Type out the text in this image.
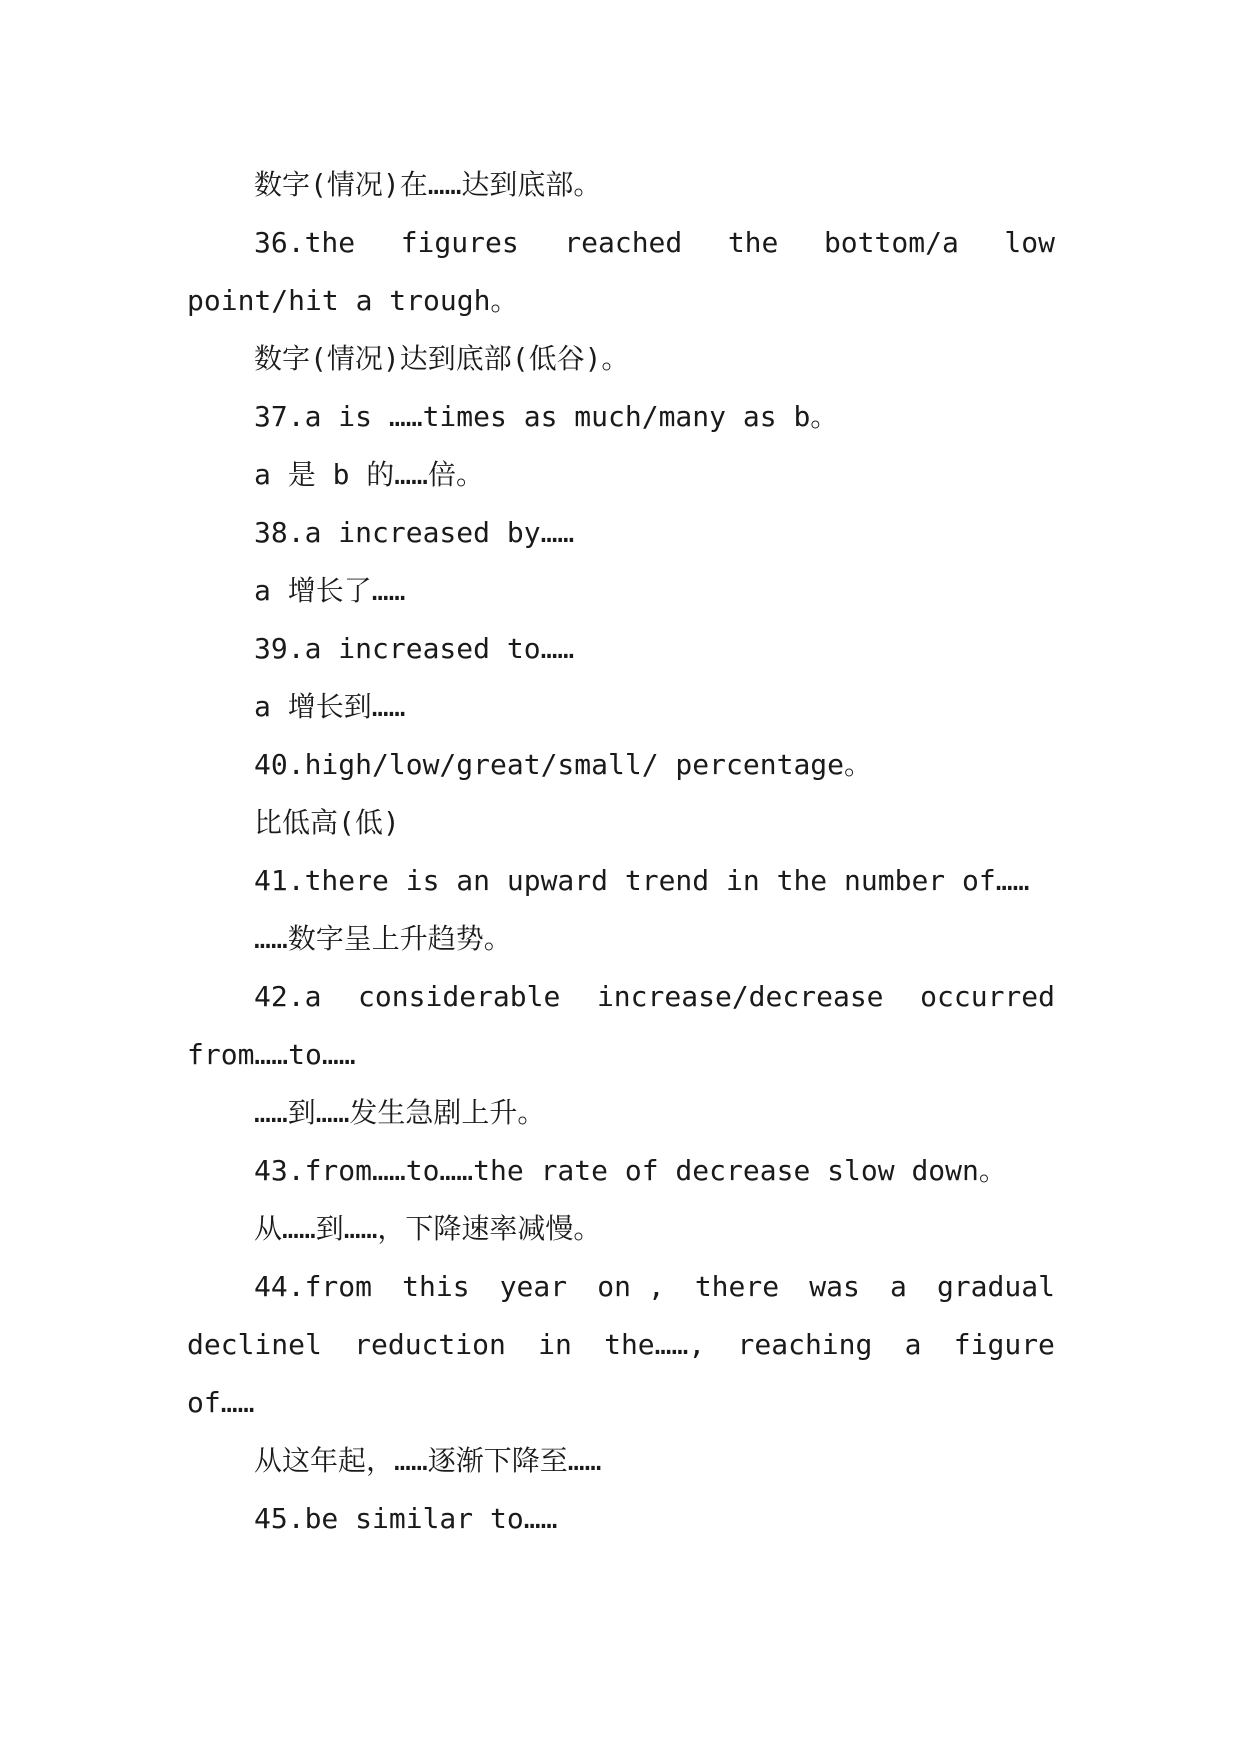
数字(情况)在……达到底部。

36.the figures reached the bottom/a low

point/hit a trough。

数字(情况)达到底部(低谷)。

37.a is ……times as much/many as b。

a 是 b 的……倍。

38.a increased by……

a 增长了……

39.a increased to……

a 增长到……

40.high/low/great/small/ percentage。

比低高(低)

41.there is an upward trend in the number of……

……数字呈上升趋势。

42.a considerable increase/decrease occurred

from……to……

……到……发生急剧上升。

43.from……to……the rate of decrease slow down。

从……到……，下降速率减慢。

44.from this year on , there was a gradual

declinel reduction in the……, reaching a figure

of……

从这年起，……逐渐下降至……

45.be similar to……
